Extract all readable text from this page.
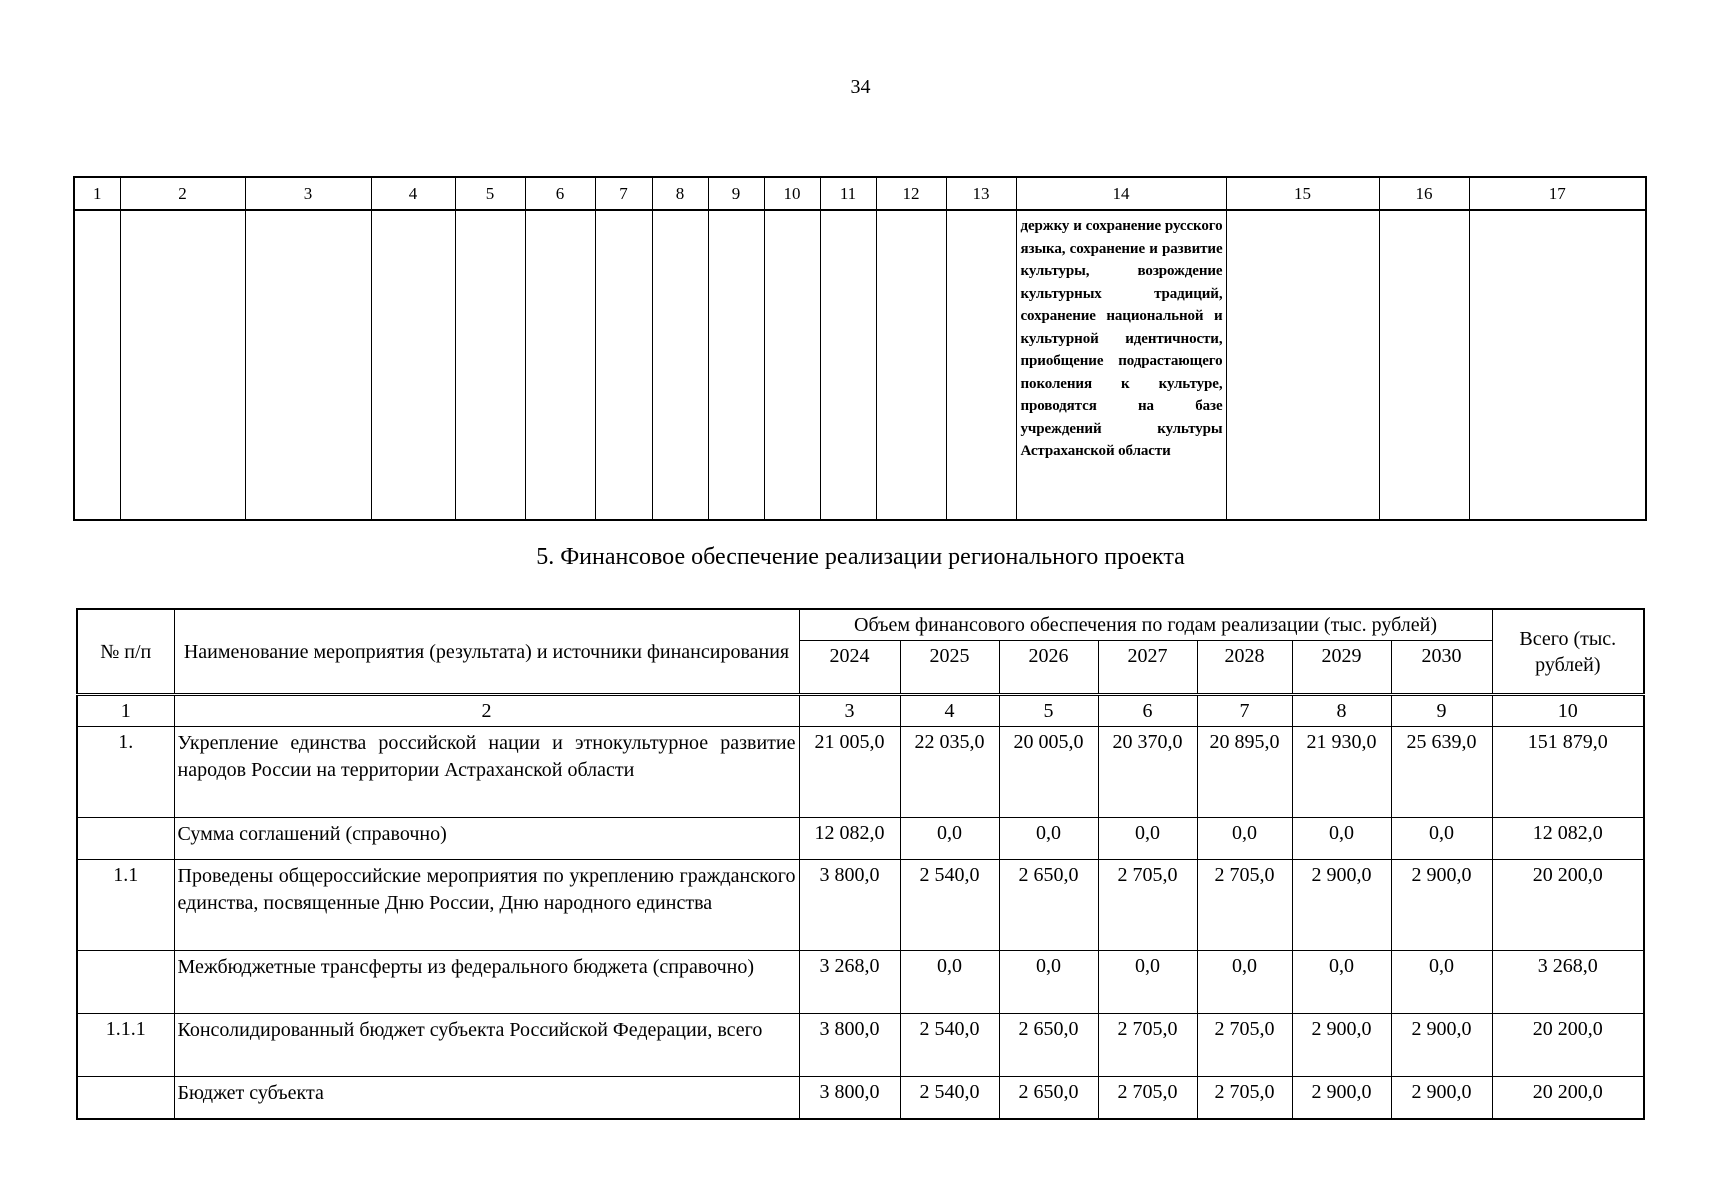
34
1	2	3	4	5	6	7	8	9	10	11	12	13	14	15	16	17
													держку и сохранение русского языка, сохранение и развитие культуры, возрождение культурных традиций, сохранение национальной и культурной идентичности, приобщение подрастающего поколения к культуре, проводятся на базе учреждений культуры Астраханской области			
5. Финансовое обеспечение реализации регионального проекта
№ п/п	Наименование мероприятия (результата) и источники финансирования	Объем финансового обеспечения по годам реализации (тыс. рублей)							Всего (тыс. рублей)
		2024	2025	2026	2027	2028	2029	2030	
1	2	3	4	5	6	7	8	9	10
1.	Укрепление единства российской нации и этнокультурное развитие народов России на территории Астраханской области	21 005,0	22 035,0	20 005,0	20 370,0	20 895,0	21 930,0	25 639,0	151 879,0
	Сумма соглашений (справочно)	12 082,0	0,0	0,0	0,0	0,0	0,0	0,0	12 082,0
1.1	Проведены общероссийские мероприятия по укреплению гражданского единства, посвященные Дню России, Дню народного единства	3 800,0	2 540,0	2 650,0	2 705,0	2 705,0	2 900,0	2 900,0	20 200,0
	Межбюджетные трансферты из федерального бюджета (справочно)	3 268,0	0,0	0,0	0,0	0,0	0,0	0,0	3 268,0
1.1.1	Консолидированный бюджет субъекта Российской Федерации, всего	3 800,0	2 540,0	2 650,0	2 705,0	2 705,0	2 900,0	2 900,0	20 200,0
	Бюджет субъекта	3 800,0	2 540,0	2 650,0	2 705,0	2 705,0	2 900,0	2 900,0	20 200,0
